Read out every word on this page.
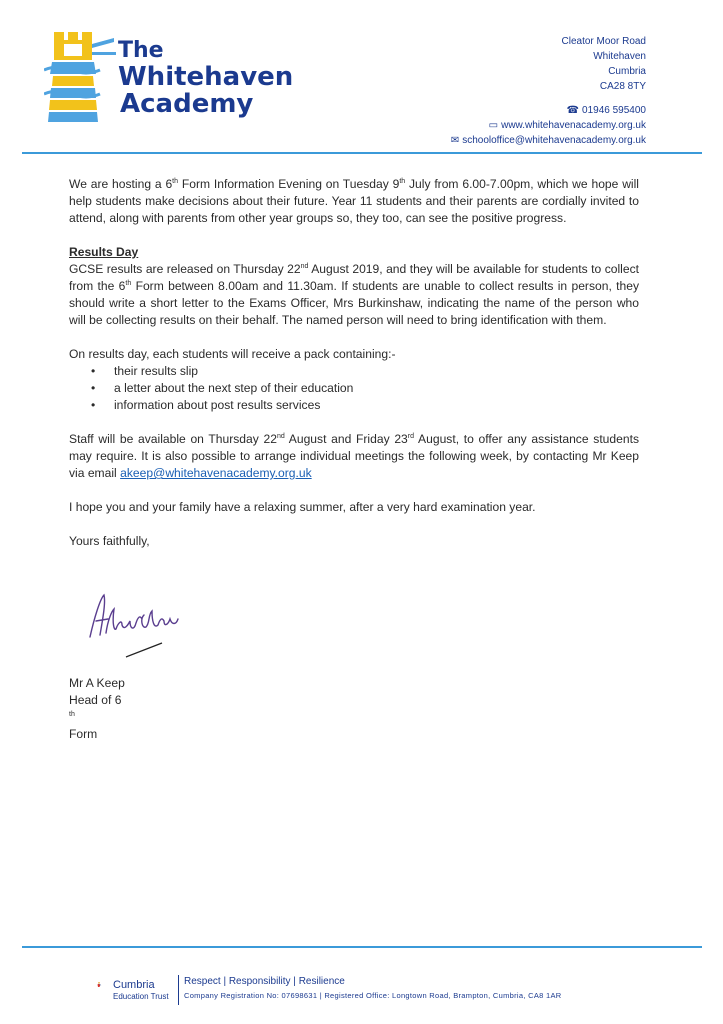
The
Whitehaven
Academy
Cleator Moor Road
Whitehaven
Cumbria
CA28 8TY
☎ 01946 595400
▭ www.whitehavenacademy.org.uk
✉ schooloffice@whitehavenacademy.org.uk

We are hosting a 6th Form Information Evening on Tuesday 9th July from 6.00-7.00pm, which we hope will help students make decisions about their future. Year 11 students and their parents are cordially invited to attend, along with parents from other year groups so, they too, can see the positive progress.

Results Day

GCSE results are released on Thursday 22nd August 2019, and they will be available for students to collect from the 6th Form between 8.00am and 11.30am. If students are unable to collect results in person, they should write a short letter to the Exams Officer, Mrs Burkinshaw, indicating the name of the person who will be collecting results on their behalf. The named person will need to bring identification with them.

On results day, each students will receive a pack containing:-

• their results slip
• a letter about the next step of their education
• information about post results services

Staff will be available on Thursday 22nd August and Friday 23rd August, to offer any assistance students may require. It is also possible to arrange individual meetings the following week, by contacting Mr Keep via email akeep@whitehavenacademy.org.uk

I hope you and your family have a relaxing summer, after a very hard examination year.

Yours faithfully,

Mr A Keep
Head of 6
$^{th}$
Form
Cumbria
Education Trust
Respect | Responsibility | Resilience
Company Registration No: 07698631 | Registered Office: Longtown Road, Brampton, Cumbria, CA8 1AR
